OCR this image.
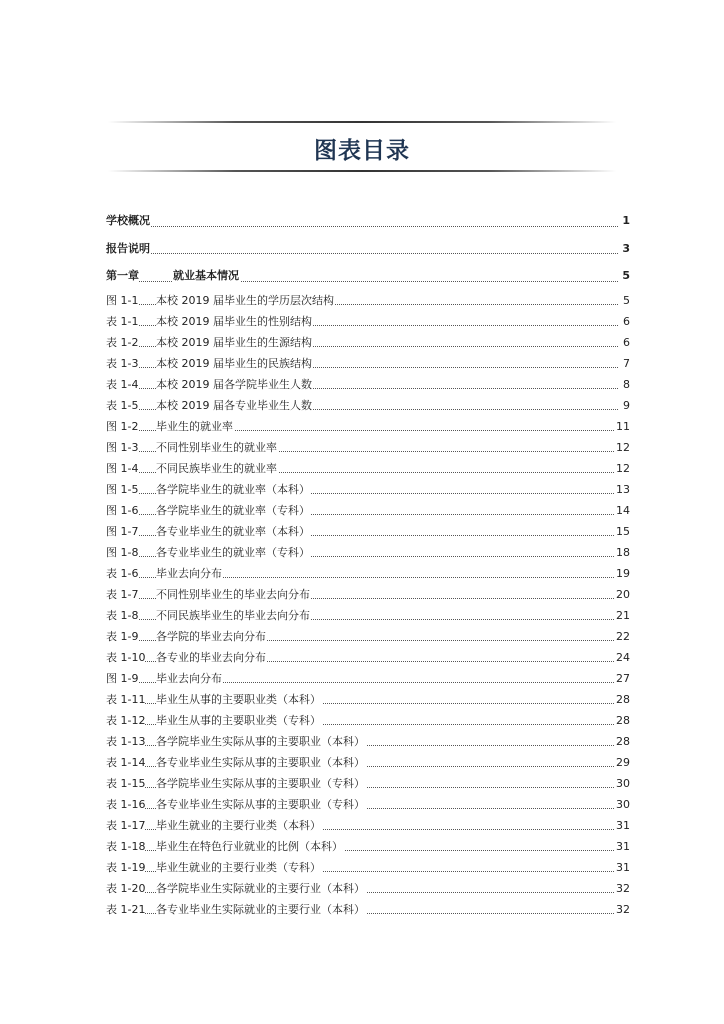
图表目录
学校概况	1
报告说明	3
第一章	就业基本情况	5
图 1-1 本校 2019 届毕业生的学历层次结构	5
表 1-1 本校 2019 届毕业生的性别结构	6
表 1-2 本校 2019 届毕业生的生源结构	6
表 1-3 本校 2019 届毕业生的民族结构	7
表 1-4 本校 2019 届各学院毕业生人数	8
表 1-5 本校 2019 届各专业毕业生人数	9
图 1-2 毕业生的就业率	11
图 1-3 不同性别毕业生的就业率	12
图 1-4 不同民族毕业生的就业率	12
图 1-5 各学院毕业生的就业率（本科）	13
图 1-6 各学院毕业生的就业率（专科）	14
图 1-7 各专业毕业生的就业率（本科）	15
图 1-8 各专业毕业生的就业率（专科）	18
表 1-6 毕业去向分布	19
表 1-7 不同性别毕业生的毕业去向分布	20
表 1-8 不同民族毕业生的毕业去向分布	21
表 1-9 各学院的毕业去向分布	22
表 1-10 各专业的毕业去向分布	24
图 1-9 毕业去向分布	27
表 1-11 毕业生从事的主要职业类（本科）	28
表 1-12 毕业生从事的主要职业类（专科）	28
表 1-13 各学院毕业生实际从事的主要职业（本科）	28
表 1-14 各专业毕业生实际从事的主要职业（本科）	29
表 1-15 各学院毕业生实际从事的主要职业（专科）	30
表 1-16 各专业毕业生实际从事的主要职业（专科）	30
表 1-17 毕业生就业的主要行业类（本科）	31
表 1-18 毕业生在特色行业就业的比例（本科）	31
表 1-19 毕业生就业的主要行业类（专科）	31
表 1-20 各学院毕业生实际就业的主要行业（本科）	32
表 1-21 各专业毕业生实际就业的主要行业（本科）	32
